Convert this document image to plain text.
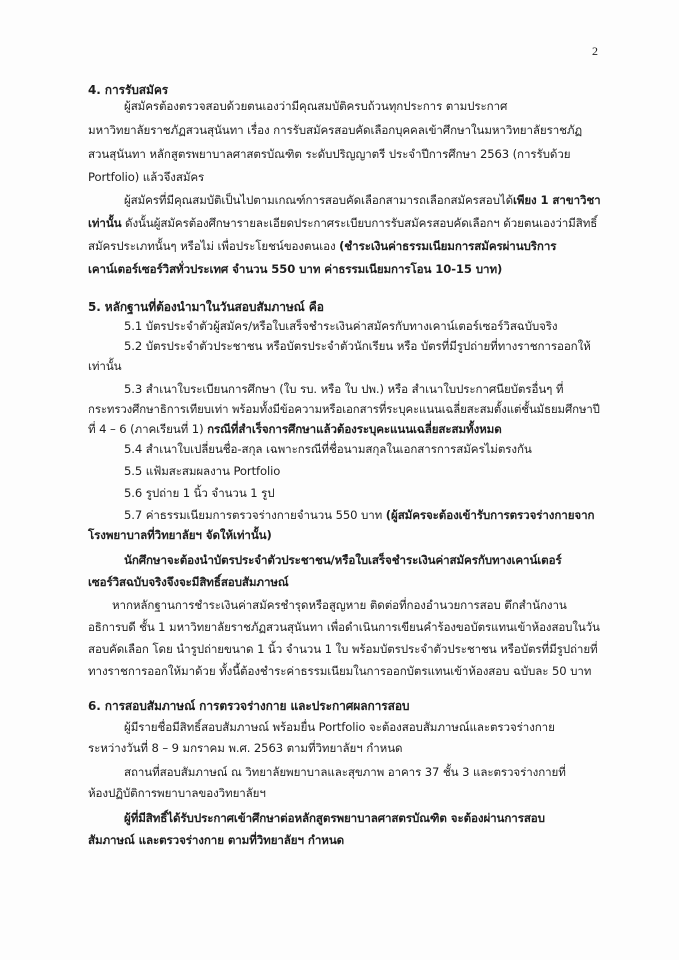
2
4. การรับสมัคร
ผู้สมัครต้องตรวจสอบด้วยตนเองว่ามีคุณสมบัติครบถ้วนทุกประการ ตามประกาศ
มหาวิทยาลัยราชภัฏสวนสุนันทา เรื่อง การรับสมัครสอบคัดเลือกบุคคลเข้าศึกษาในมหาวิทยาลัยราชภัฏ
สวนสุนันทา หลักสูตรพยาบาลศาสตรบัณฑิต ระดับปริญญาตรี ประจำปีการศึกษา 2563 (การรับด้วย
Portfolio) แล้วจึงสมัคร
ผู้สมัครที่มีคุณสมบัติเป็นไปตามเกณฑ์การสอบคัดเลือกสามารถเลือกสมัครสอบได้เพียง 1 สาขาวิชา
เท่านั้น ดังนั้นผู้สมัครต้องศึกษารายละเอียดประกาศระเบียบการรับสมัครสอบคัดเลือกฯ ด้วยตนเองว่ามีสิทธิ์
สมัครประเภทนั้นๆ หรือไม่ เพื่อประโยชน์ของตนเอง (ชำระเงินค่าธรรมเนียมการสมัครผ่านบริการ
เคาน์เตอร์เซอร์วิสทั่วประเทศ จำนวน 550 บาท ค่าธรรมเนียมการโอน 10-15 บาท)
5. หลักฐานที่ต้องนำมาในวันสอบสัมภาษณ์ คือ
5.1 บัตรประจำตัวผู้สมัคร/หรือใบเสร็จชำระเงินค่าสมัครกับทางเคาน์เตอร์เซอร์วิสฉบับจริง
5.2 บัตรประจำตัวประชาชน หรือบัตรประจำตัวนักเรียน หรือ บัตรที่มีรูปถ่ายที่ทางราชการออกให้
เท่านั้น
5.3 สำเนาใบระเบียนการศึกษา (ใบ รบ. หรือ ใบ ปพ.) หรือ สำเนาใบประกาศนียบัตรอื่นๆ ที่
กระทรวงศึกษาธิการเทียบเท่า พร้อมทั้งมีข้อความหรือเอกสารที่ระบุคะแนนเฉลี่ยสะสมตั้งแต่ชั้นมัธยมศึกษาปี
ที่ 4 – 6 (ภาคเรียนที่ 1) กรณีที่สำเร็จการศึกษาแล้วต้องระบุคะแนนเฉลี่ยสะสมทั้งหมด
5.4 สำเนาใบเปลี่ยนชื่อ-สกุล เฉพาะกรณีที่ชื่อนามสกุลในเอกสารการสมัครไม่ตรงกัน
5.5 แฟ้มสะสมผลงาน Portfolio
5.6 รูปถ่าย 1 นิ้ว จำนวน 1 รูป
5.7 ค่าธรรมเนียมการตรวจร่างกายจำนวน 550 บาท (ผู้สมัครจะต้องเข้ารับการตรวจร่างกายจาก
โรงพยาบาลที่วิทยาลัยฯ จัดให้เท่านั้น)
นักศึกษาจะต้องนำบัตรประจำตัวประชาชน/หรือใบเสร็จชำระเงินค่าสมัครกับทางเคาน์เตอร์
เซอร์วิสฉบับจริงจึงจะมีสิทธิ์สอบสัมภาษณ์
หากหลักฐานการชำระเงินค่าสมัครชำรุดหรือสูญหาย ติดต่อที่กองอำนวยการสอบ ตึกสำนักงาน
อธิการบดี ชั้น 1 มหาวิทยาลัยราชภัฏสวนสุนันทา เพื่อดำเนินการเขียนคำร้องขอบัตรแทนเข้าห้องสอบในวัน
สอบคัดเลือก โดย นำรูปถ่ายขนาด 1 นิ้ว จำนวน 1 ใบ พร้อมบัตรประจำตัวประชาชน หรือบัตรที่มีรูปถ่ายที่
ทางราชการออกให้มาด้วย ทั้งนี้ต้องชำระค่าธรรมเนียมในการออกบัตรแทนเข้าห้องสอบ ฉบับละ 50 บาท
6. การสอบสัมภาษณ์ การตรวจร่างกาย และประกาศผลการสอบ
ผู้มีรายชื่อมีสิทธิ์สอบสัมภาษณ์ พร้อมยื่น Portfolio จะต้องสอบสัมภาษณ์และตรวจร่างกาย
ระหว่างวันที่ 8 – 9 มกราคม พ.ศ. 2563 ตามที่วิทยาลัยฯ กำหนด
สถานที่สอบสัมภาษณ์ ณ วิทยาลัยพยาบาลและสุขภาพ อาคาร 37 ชั้น 3 และตรวจร่างกายที่
ห้องปฏิบัติการพยาบาลของวิทยาลัยฯ
ผู้ที่มีสิทธิ์ได้รับประกาศเข้าศึกษาต่อหลักสูตรพยาบาลศาสตรบัณฑิต จะต้องผ่านการสอบ
สัมภาษณ์ และตรวจร่างกาย ตามที่วิทยาลัยฯ กำหนด
